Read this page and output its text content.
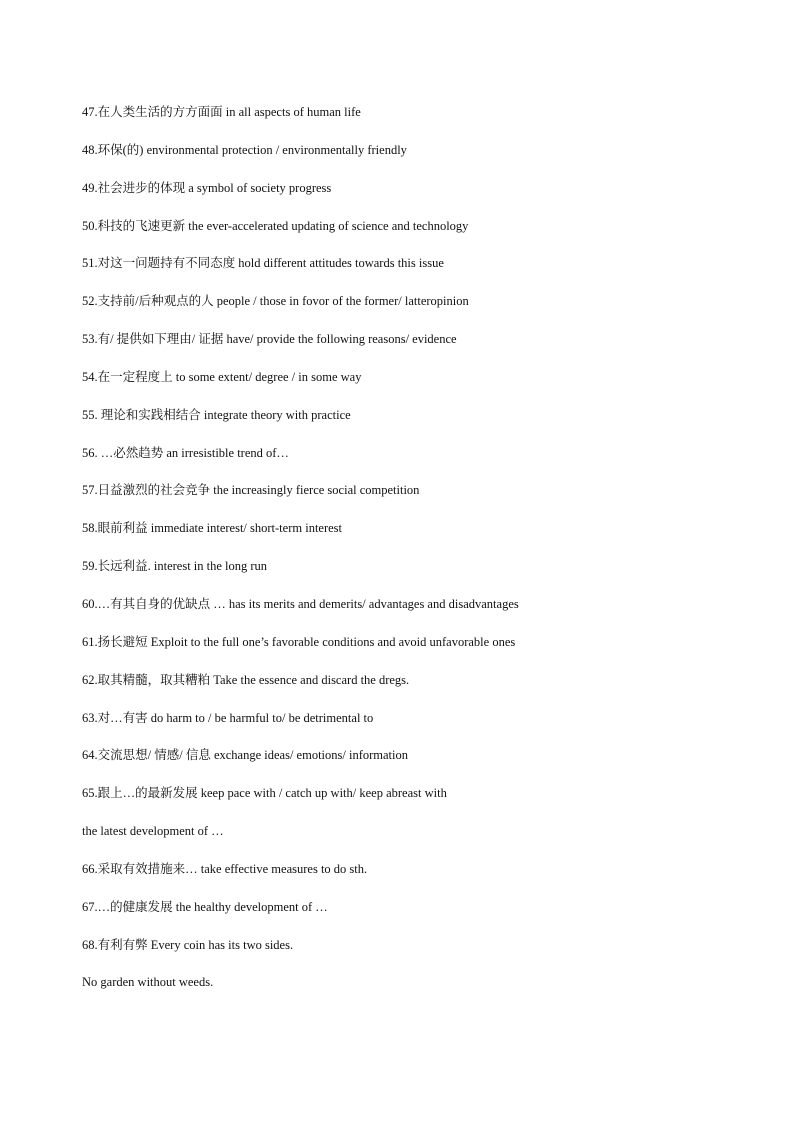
47.在人类生活的方方面面 in all aspects of human life
48.环保(的) environmental protection / environmentally friendly
49.社会进步的体现 a symbol of society progress
50.科技的飞速更新 the ever-accelerated updating of science and technology
51.对这一问题持有不同态度 hold different attitudes towards this issue
52.支持前/后种观点的人 people / those in fovor of the former/ latteropinion
53.有/ 提供如下理由/ 证据 have/ provide the following reasons/ evidence
54.在一定程度上 to some extent/ degree / in some way
55. 理论和实践相结合 integrate theory with practice
56. …必然趋势 an irresistible trend of…
57.日益激烈的社会竞争 the increasingly fierce social competition
58.眼前利益 immediate interest/ short-term interest
59.长远利益. interest in the long run
60.…有其自身的优缺点 … has its merits and demerits/ advantages and disadvantages
61.扬长避短 Exploit to the full one’s favorable conditions and avoid unfavorable ones
62.取其精髓，取其糟粕 Take the essence and discard the dregs.
63.对…有害 do harm to / be harmful to/ be detrimental to
64.交流思想/ 情感/ 信息 exchange ideas/ emotions/ information
65.跟上…的最新发展 keep pace with / catch up with/ keep abreast with
the latest development of …
66.采取有效措施来… take effective measures to do sth.
67.…的健康发展 the healthy development of …
68.有利有弊 Every coin has its two sides.
No garden without weeds.
